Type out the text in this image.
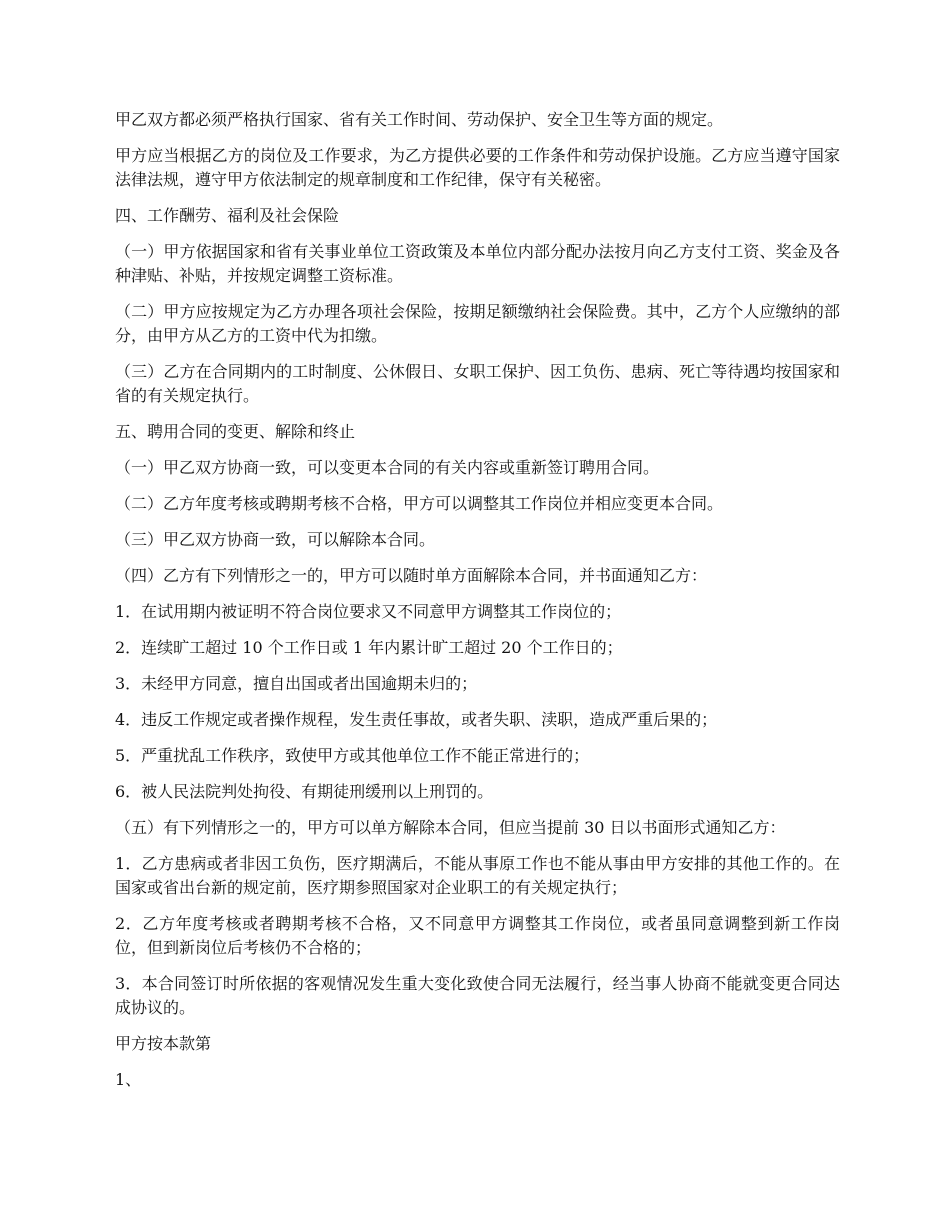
甲乙双方都必须严格执行国家、省有关工作时间、劳动保护、安全卫生等方面的规定。

甲方应当根据乙方的岗位及工作要求，为乙方提供必要的工作条件和劳动保护设施。乙方应当遵守国家法律法规，遵守甲方依法制定的规章制度和工作纪律，保守有关秘密。

四、工作酬劳、福利及社会保险

（一）甲方依据国家和省有关事业单位工资政策及本单位内部分配办法按月向乙方支付工资、奖金及各种津贴、补贴，并按规定调整工资标准。

（二）甲方应按规定为乙方办理各项社会保险，按期足额缴纳社会保险费。其中，乙方个人应缴纳的部分，由甲方从乙方的工资中代为扣缴。

（三）乙方在合同期内的工时制度、公休假日、女职工保护、因工负伤、患病、死亡等待遇均按国家和省的有关规定执行。

五、聘用合同的变更、解除和终止

（一）甲乙双方协商一致，可以变更本合同的有关内容或重新签订聘用合同。

（二）乙方年度考核或聘期考核不合格，甲方可以调整其工作岗位并相应变更本合同。

（三）甲乙双方协商一致，可以解除本合同。

（四）乙方有下列情形之一的，甲方可以随时单方面解除本合同，并书面通知乙方：

1．在试用期内被证明不符合岗位要求又不同意甲方调整其工作岗位的；

2．连续旷工超过 10 个工作日或 1 年内累计旷工超过 20 个工作日的；

3．未经甲方同意，擅自出国或者出国逾期未归的；

4．违反工作规定或者操作规程，发生责任事故，或者失职、渎职，造成严重后果的；

5．严重扰乱工作秩序，致使甲方或其他单位工作不能正常进行的；

6．被人民法院判处拘役、有期徒刑缓刑以上刑罚的。

（五）有下列情形之一的，甲方可以单方解除本合同，但应当提前 30 日以书面形式通知乙方：

1．乙方患病或者非因工负伤，医疗期满后，不能从事原工作也不能从事由甲方安排的其他工作的。在国家或省出台新的规定前，医疗期参照国家对企业职工的有关规定执行；

2．乙方年度考核或者聘期考核不合格，又不同意甲方调整其工作岗位，或者虽同意调整到新工作岗位，但到新岗位后考核仍不合格的；

3．本合同签订时所依据的客观情况发生重大变化致使合同无法履行，经当事人协商不能就变更合同达成协议的。

甲方按本款第

1、
